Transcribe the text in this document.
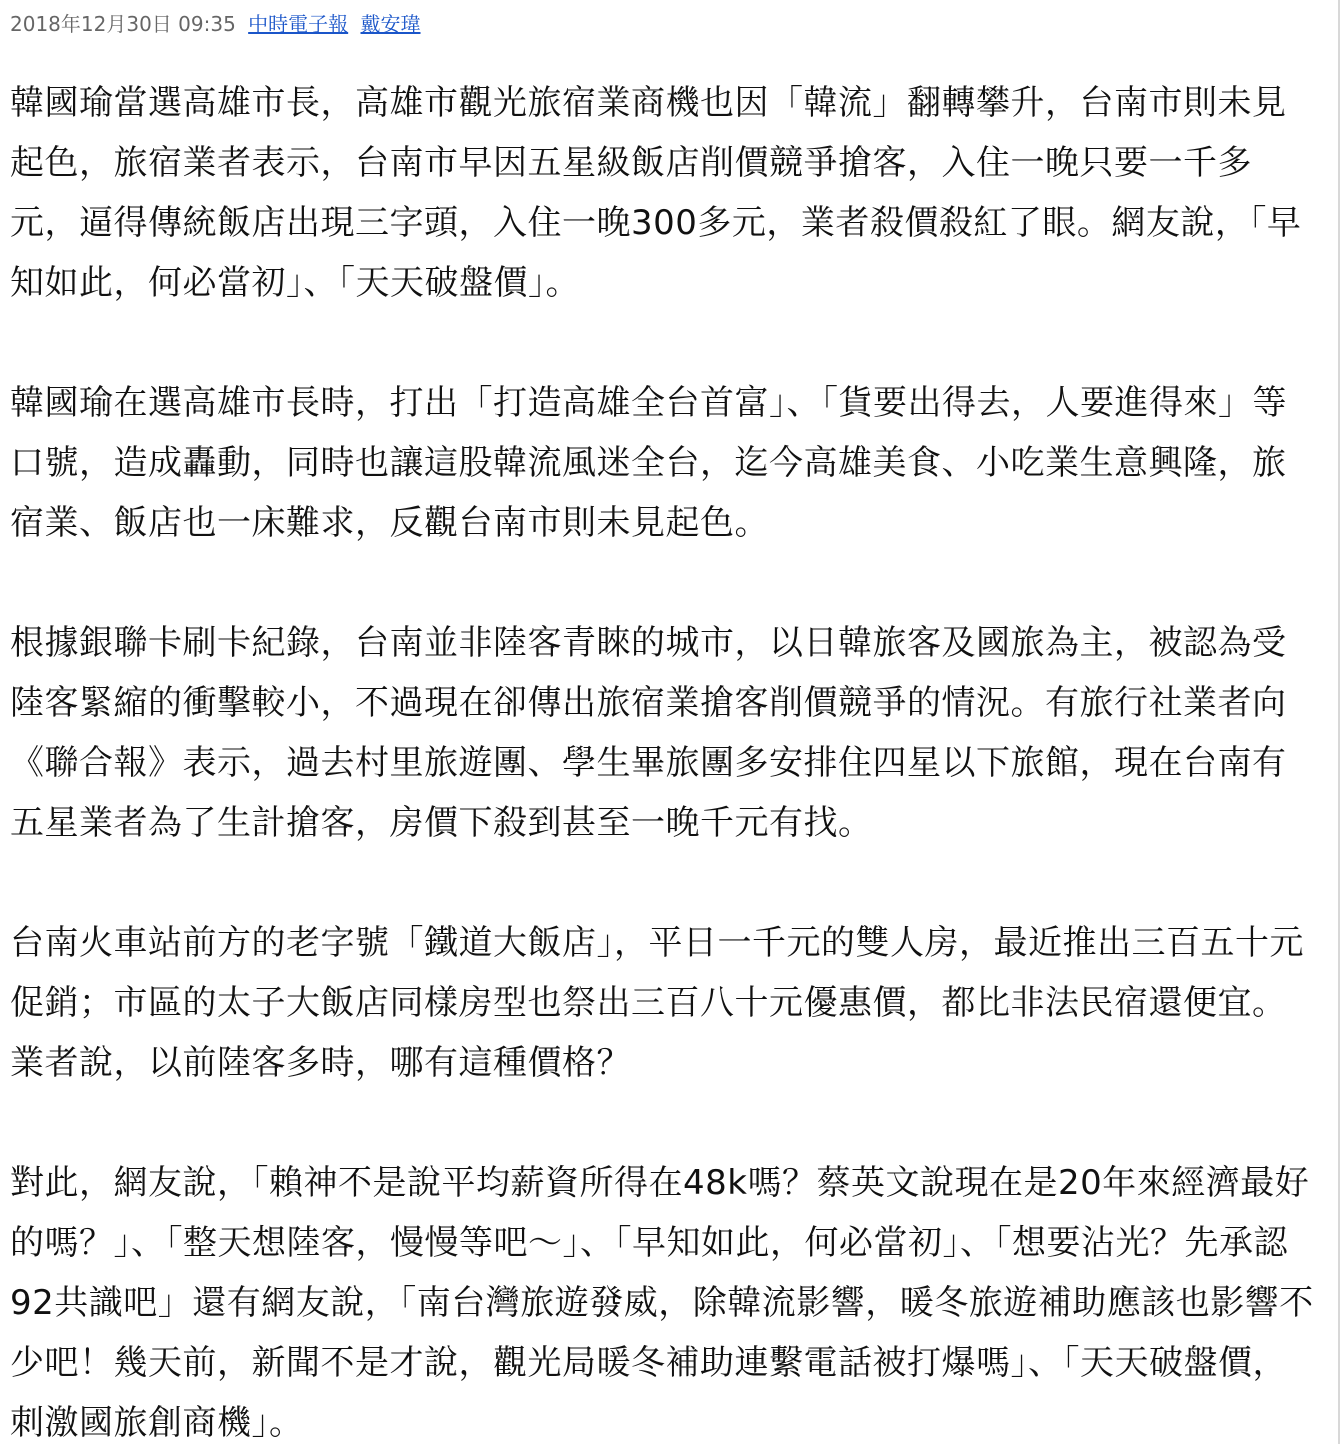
2018年12月30日 09:35 中時電子報 戴安瑋

韓國瑜當選高雄市長，高雄市觀光旅宿業商機也因「韓流」翻轉攀升，台南市則未見起色，旅宿業者表示，台南市早因五星級飯店削價競爭搶客，入住一晚只要一千多元，逼得傳統飯店出現三字頭，入住一晚300多元，業者殺價殺紅了眼。網友說，「早知如此，何必當初」、「天天破盤價」。

韓國瑜在選高雄市長時，打出「打造高雄全台首富」、「貨要出得去，人要進得來」等口號，造成轟動，同時也讓這股韓流風迷全台，迄今高雄美食、小吃業生意興隆，旅宿業、飯店也一床難求，反觀台南市則未見起色。

根據銀聯卡刷卡紀錄，台南並非陸客青睞的城市，以日韓旅客及國旅為主，被認為受陸客緊縮的衝擊較小，不過現在卻傳出旅宿業搶客削價競爭的情況。有旅行社業者向《聯合報》表示，過去村里旅遊團、學生畢旅團多安排住四星以下旅館，現在台南有五星業者為了生計搶客，房價下殺到甚至一晚千元有找。

台南火車站前方的老字號「鐵道大飯店」，平日一千元的雙人房，最近推出三百五十元促銷；市區的太子大飯店同樣房型也祭出三百八十元優惠價，都比非法民宿還便宜。業者說，以前陸客多時，哪有這種價格？

對此，網友說，「賴神不是說平均薪資所得在48k嗎？蔡英文說現在是20年來經濟最好的嗎？」、「整天想陸客，慢慢等吧～」、「早知如此，何必當初」、「想要沾光？先承認92共識吧」還有網友說，「南台灣旅遊發威，除韓流影響，暖冬旅遊補助應該也影響不少吧！幾天前，新聞不是才說，觀光局暖冬補助連繫電話被打爆嗎」、「天天破盤價，刺激國旅創商機」。
